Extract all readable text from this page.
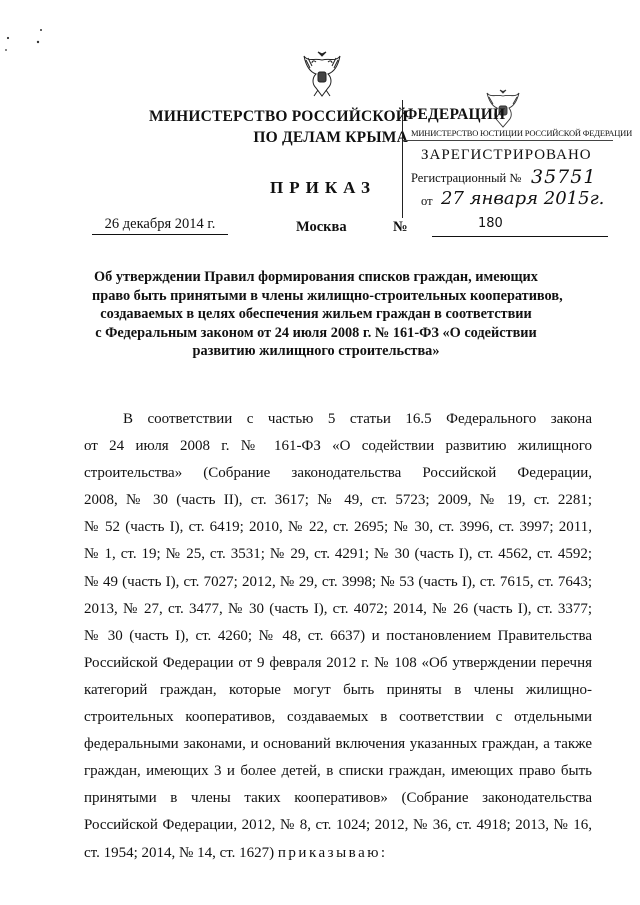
МИНИСТЕРСТВО РОССИЙСКОЙ
ПО ДЕЛАМ КРЫМА
ПРИКАЗ
26 декабря 2014 г.	Москва	№	180
МИНИСТЕРСТВО ЮСТИЦИИ РОССИЙСКОЙ ФЕДЕРАЦИИ
ЗАРЕГИСТРИРОВАНО
Регистрационный № 35751
от 27 января 2015г.
ФЕДЕРАЦИИ
Об утверждении Правил формирования списков граждан, имеющих
право быть принятыми в члены жилищно-строительных кооперативов,
создаваемых в целях обеспечения жильем граждан в соответствии
с Федеральным законом от 24 июля 2008 г. № 161-ФЗ «О содействии
развитию жилищного строительства»
В соответствии с частью 5 статьи 16.5 Федерального закона
от 24 июля 2008 г. № 161-ФЗ «О содействии развитию жилищного
строительства» (Собрание законодательства Российской Федерации,
2008, № 30 (часть II), ст. 3617; № 49, ст. 5723; 2009, № 19, ст. 2281;
№ 52 (часть I), ст. 6419; 2010, № 22, ст. 2695; № 30, ст. 3996, ст. 3997; 2011,
№ 1, ст. 19; № 25, ст. 3531; № 29, ст. 4291; № 30 (часть I), ст. 4562, ст. 4592;
№ 49 (часть I), ст. 7027; 2012, № 29, ст. 3998; № 53 (часть I), ст. 7615, ст. 7643;
2013, № 27, ст. 3477, № 30 (часть I), ст. 4072; 2014, № 26 (часть I), ст. 3377;
№ 30 (часть I), ст. 4260; № 48, ст. 6637) и постановлением Правительства
Российской Федерации от 9 февраля 2012 г. № 108 «Об утверждении перечня
категорий граждан, которые могут быть приняты в члены жилищно-
строительных кооперативов, создаваемых в соответствии с отдельными
федеральными законами, и оснований включения указанных граждан, а также
граждан, имеющих 3 и более детей, в списки граждан, имеющих право быть
принятыми в члены таких кооперативов» (Собрание законодательства
Российской Федерации, 2012, № 8, ст. 1024; 2012, № 36, ст. 4918; 2013, № 16,
ст. 1954; 2014, № 14, ст. 1627) приказываю:
